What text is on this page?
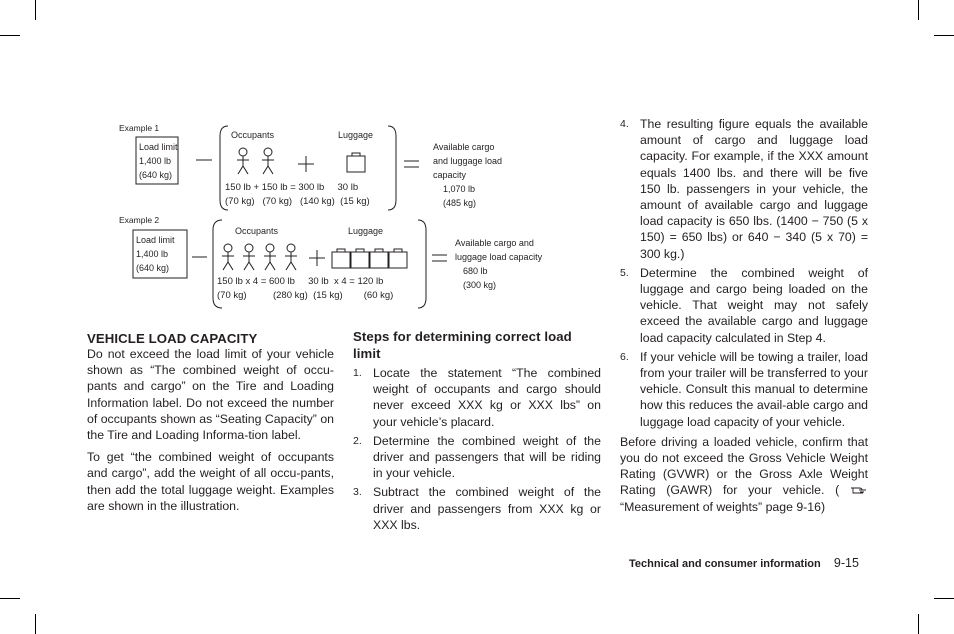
Example 1
Load limit
1,400 lb
(640 kg)
Occupants	Luggage
150 lb + 150 lb = 300 lb     30 lb
(70 kg)   (70 kg)   (140 kg)  (15 kg)
Available cargo
and luggage load
capacity
1,070 lb
(485 kg)
Example 2
Load limit
1,400 lb
(640 kg)
Occupants	Luggage
150 lb x 4 = 600 lb     30 lb  x 4 = 120 lb
(70 kg)          (280 kg)  (15 kg)        (60 kg)
Available cargo and
luggage load capacity
680 lb
(300 kg)
VEHICLE LOAD CAPACITY

Do not exceed the load limit of your vehicle shown as “The combined weight of occu-pants and cargo” on the Tire and Loading Information label. Do not exceed the number of occupants shown as “Seating Capacity” on the Tire and Loading Informa-tion label.

To get “the combined weight of occupants and cargo”, add the weight of all occu-pants, then add the total luggage weight. Examples are shown in the illustration.

Steps for determining correct load limit
1. Locate the statement “The combined weight of occupants and cargo should never exceed XXX kg or XXX lbs” on your vehicle’s placard.
2. Determine the combined weight of the driver and passengers that will be riding in your vehicle.
3. Subtract the combined weight of the driver and passengers from XXX kg or XXX lbs.
4. The resulting figure equals the available amount of cargo and luggage load capacity. For example, if the XXX amount equals 1400 lbs. and there will be five 150 lb. passengers in your vehicle, the amount of available cargo and luggage load capacity is 650 lbs. (1400 − 750 (5 x 150) = 650 lbs) or 640 − 340 (5 x 70) = 300 kg.)
5. Determine the combined weight of luggage and cargo being loaded on the vehicle. That weight may not safely exceed the available cargo and luggage load capacity calculated in Step 4.
6. If your vehicle will be towing a trailer, load from your trailer will be transferred to your vehicle. Consult this manual to determine how this reduces the avail-able cargo and luggage load capacity of your vehicle.

Before driving a loaded vehicle, confirm that you do not exceed the Gross Vehicle Weight Rating (GVWR) or the Gross Axle Weight Rating (GAWR) for your vehicle. (  “Measurement of weights” page 9-16)

Technical and consumer information 9-15
